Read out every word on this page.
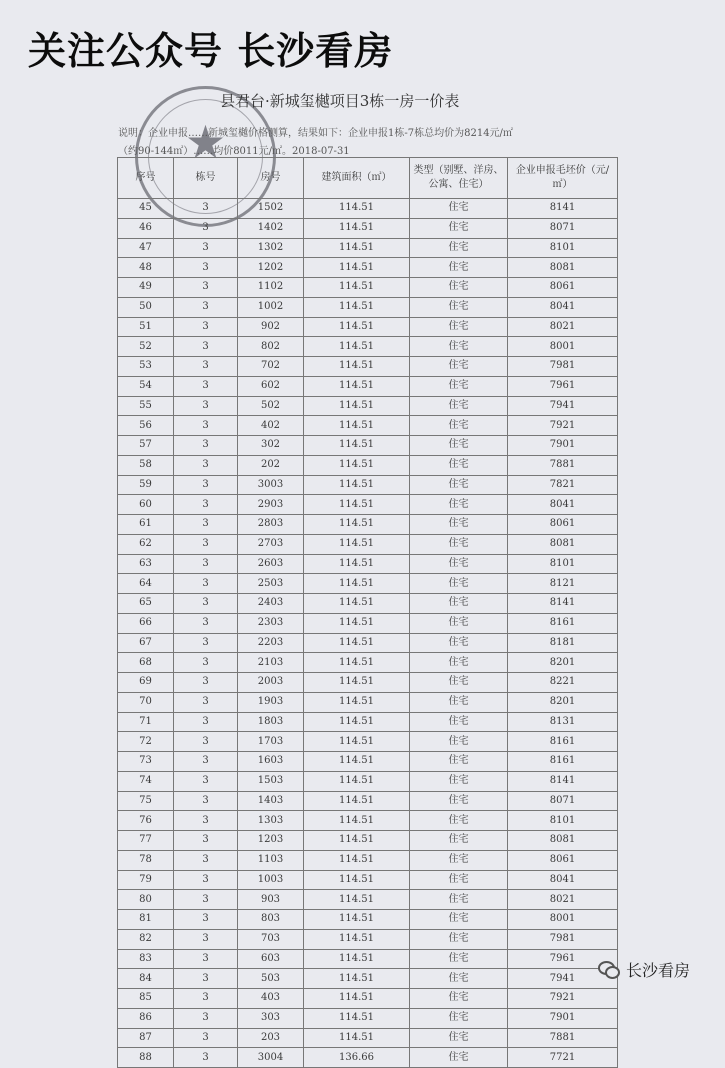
关注公众号 长沙看房
★
县君台·新城玺樾项目3栋一房一价表
说明：企业申报……新城玺樾价格测算，结果如下：企业申报1栋-7栋总均价为8214元/㎡
（约90-144㎡）……均价8011元/㎡。2018-07-31
序号	栋号	房号	建筑面积（㎡）	类型（别墅、洋房、公寓、住宅）	企业申报毛坯价（元/㎡）
45	3	1502	114.51	住宅	8141
46	3	1402	114.51	住宅	8071
47	3	1302	114.51	住宅	8101
48	3	1202	114.51	住宅	8081
49	3	1102	114.51	住宅	8061
50	3	1002	114.51	住宅	8041
51	3	902	114.51	住宅	8021
52	3	802	114.51	住宅	8001
53	3	702	114.51	住宅	7981
54	3	602	114.51	住宅	7961
55	3	502	114.51	住宅	7941
56	3	402	114.51	住宅	7921
57	3	302	114.51	住宅	7901
58	3	202	114.51	住宅	7881
59	3	3003	114.51	住宅	7821
60	3	2903	114.51	住宅	8041
61	3	2803	114.51	住宅	8061
62	3	2703	114.51	住宅	8081
63	3	2603	114.51	住宅	8101
64	3	2503	114.51	住宅	8121
65	3	2403	114.51	住宅	8141
66	3	2303	114.51	住宅	8161
67	3	2203	114.51	住宅	8181
68	3	2103	114.51	住宅	8201
69	3	2003	114.51	住宅	8221
70	3	1903	114.51	住宅	8201
71	3	1803	114.51	住宅	8131
72	3	1703	114.51	住宅	8161
73	3	1603	114.51	住宅	8161
74	3	1503	114.51	住宅	8141
75	3	1403	114.51	住宅	8071
76	3	1303	114.51	住宅	8101
77	3	1203	114.51	住宅	8081
78	3	1103	114.51	住宅	8061
79	3	1003	114.51	住宅	8041
80	3	903	114.51	住宅	8021
81	3	803	114.51	住宅	8001
82	3	703	114.51	住宅	7981
83	3	603	114.51	住宅	7961
84	3	503	114.51	住宅	7941
85	3	403	114.51	住宅	7921
86	3	303	114.51	住宅	7901
87	3	203	114.51	住宅	7881
88	3	3004	136.66	住宅	7721
长沙看房
